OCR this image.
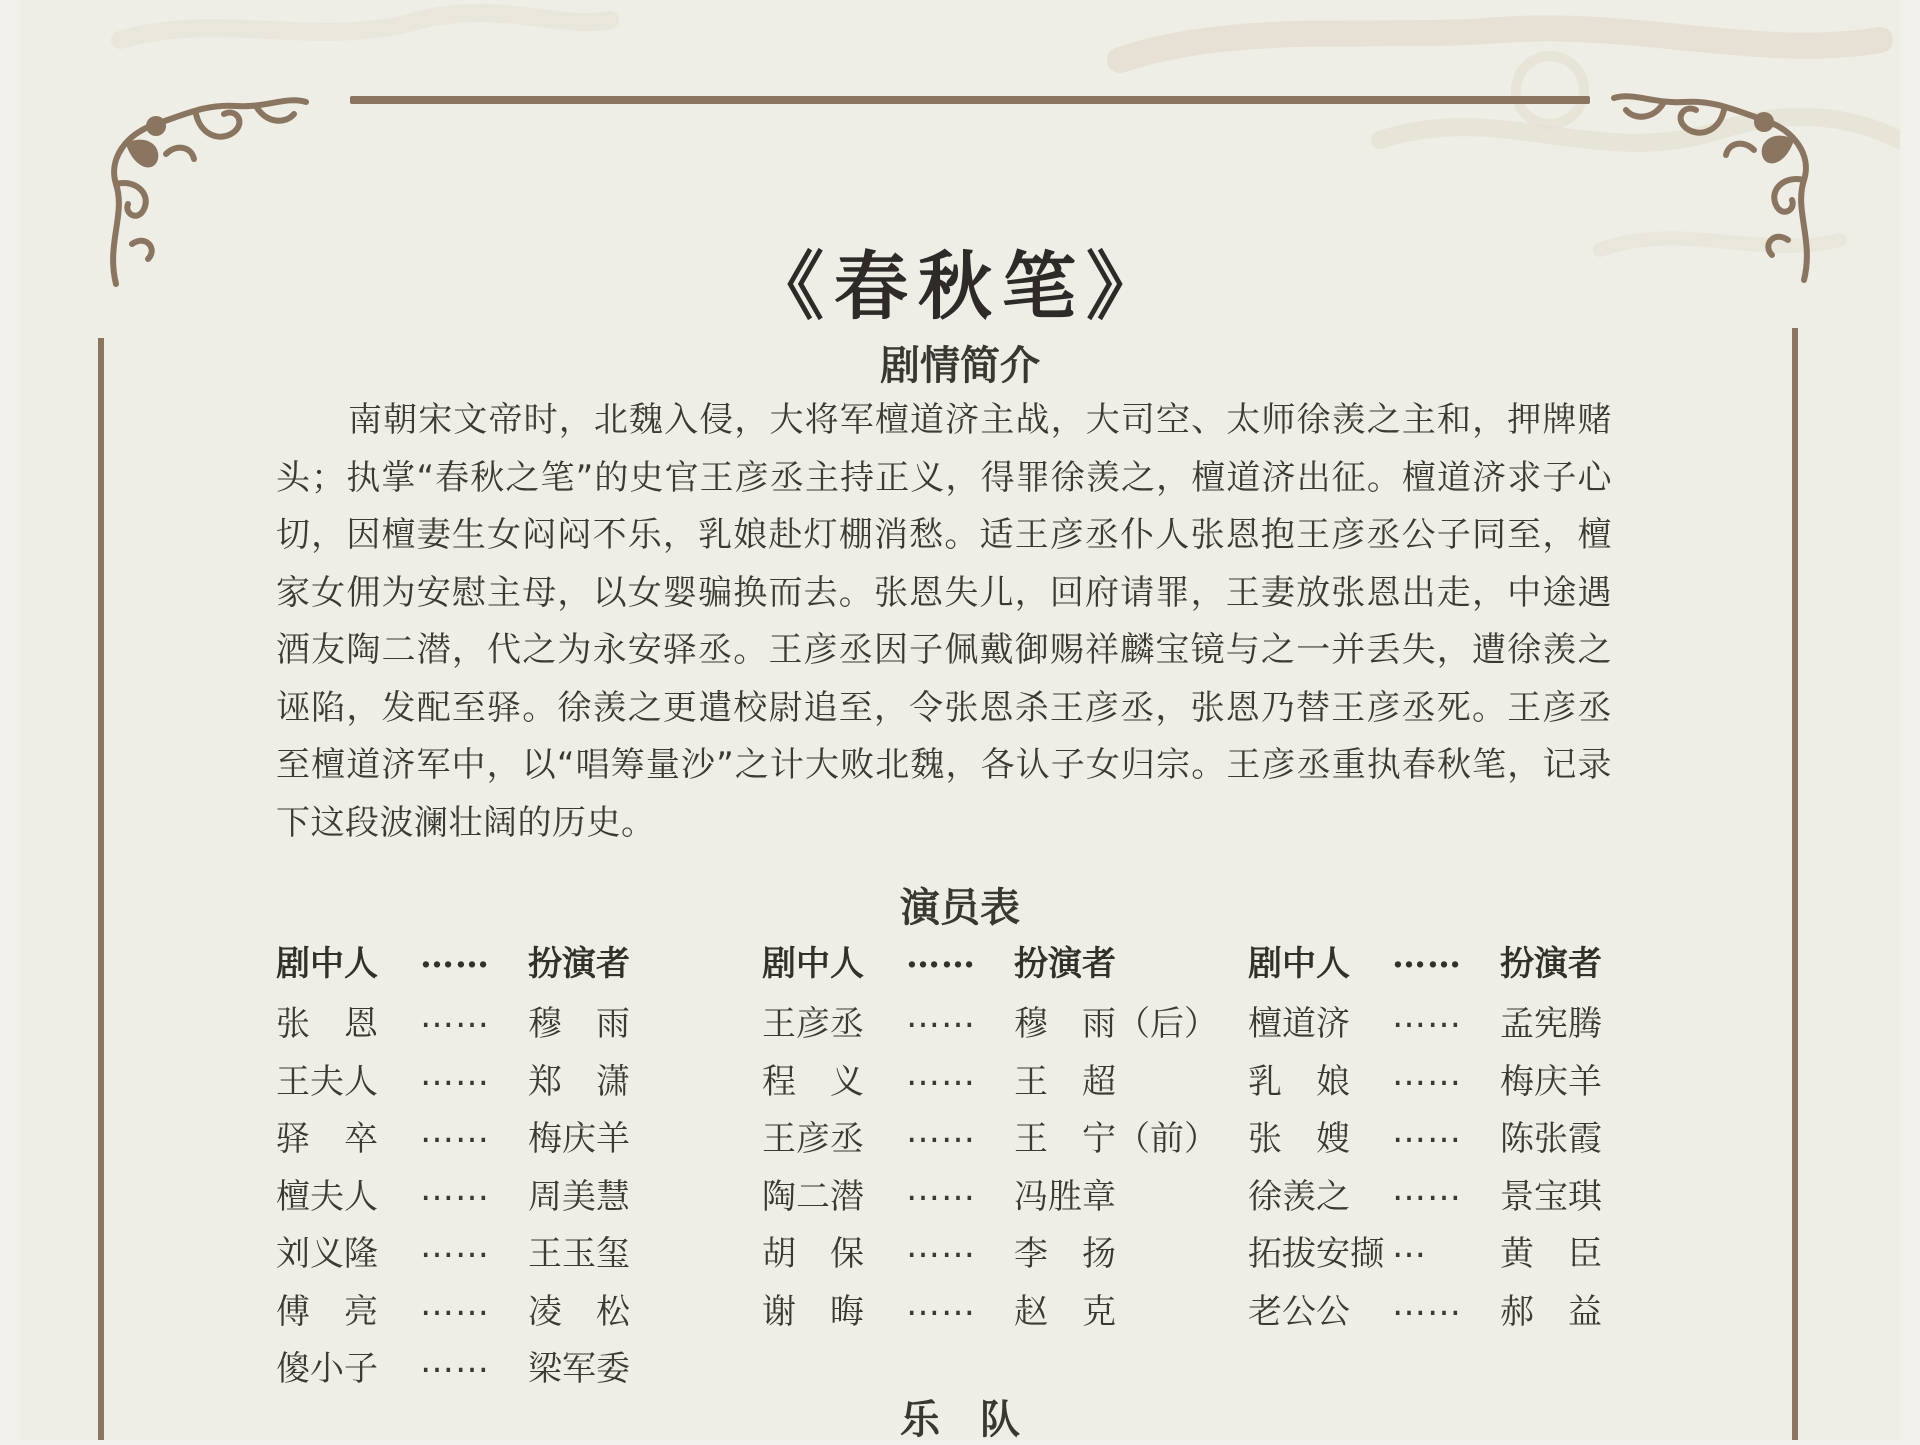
《春秋笔》
剧情简介

南朝宋文帝时，北魏入侵，大将军檀道济主战，大司空、太师徐羡之主和，押牌赌头；执掌“春秋之笔”的史官王彦丞主持正义，得罪徐羡之，檀道济出征。檀道济求子心切，因檀妻生女闷闷不乐，乳娘赴灯棚消愁。适王彦丞仆人张恩抱王彦丞公子同至，檀家女佣为安慰主母，以女婴骗换而去。张恩失儿，回府请罪，王妻放张恩出走，中途遇酒友陶二潜，代之为永安驿丞。王彦丞因子佩戴御赐祥麟宝镜与之一并丢失，遭徐羡之诬陷，发配至驿。徐羡之更遣校尉追至，令张恩杀王彦丞，张恩乃替王彦丞死。王彦丞至檀道济军中，以“唱筹量沙”之计大败北魏，各认子女归宗。王彦丞重执春秋笔，记录下这段波澜壮阔的历史。

演员表
剧中人 …… 扮演者
张　恩 …… 穆　雨
王夫人 …… 郑　潇
驿　卒 …… 梅庆羊
檀夫人 …… 周美慧
刘义隆 …… 王玉玺
傅　亮 …… 凌　松
傻小子 …… 梁军委
剧中人 …… 扮演者
王彦丞 …… 穆　雨（后）
程　义 …… 王　超
王彦丞 …… 王　宁（前）
陶二潜 …… 冯胜章
胡　保 …… 李　扬
谢　晦 …… 赵　克
剧中人 …… 扮演者
檀道济 …… 孟宪腾
乳　娘 …… 梅庆羊
张　嫂 …… 陈张霞
徐羡之 …… 景宝琪
拓拔安撷 … 黄　臣
老公公 …… 郝　益
乐　队
